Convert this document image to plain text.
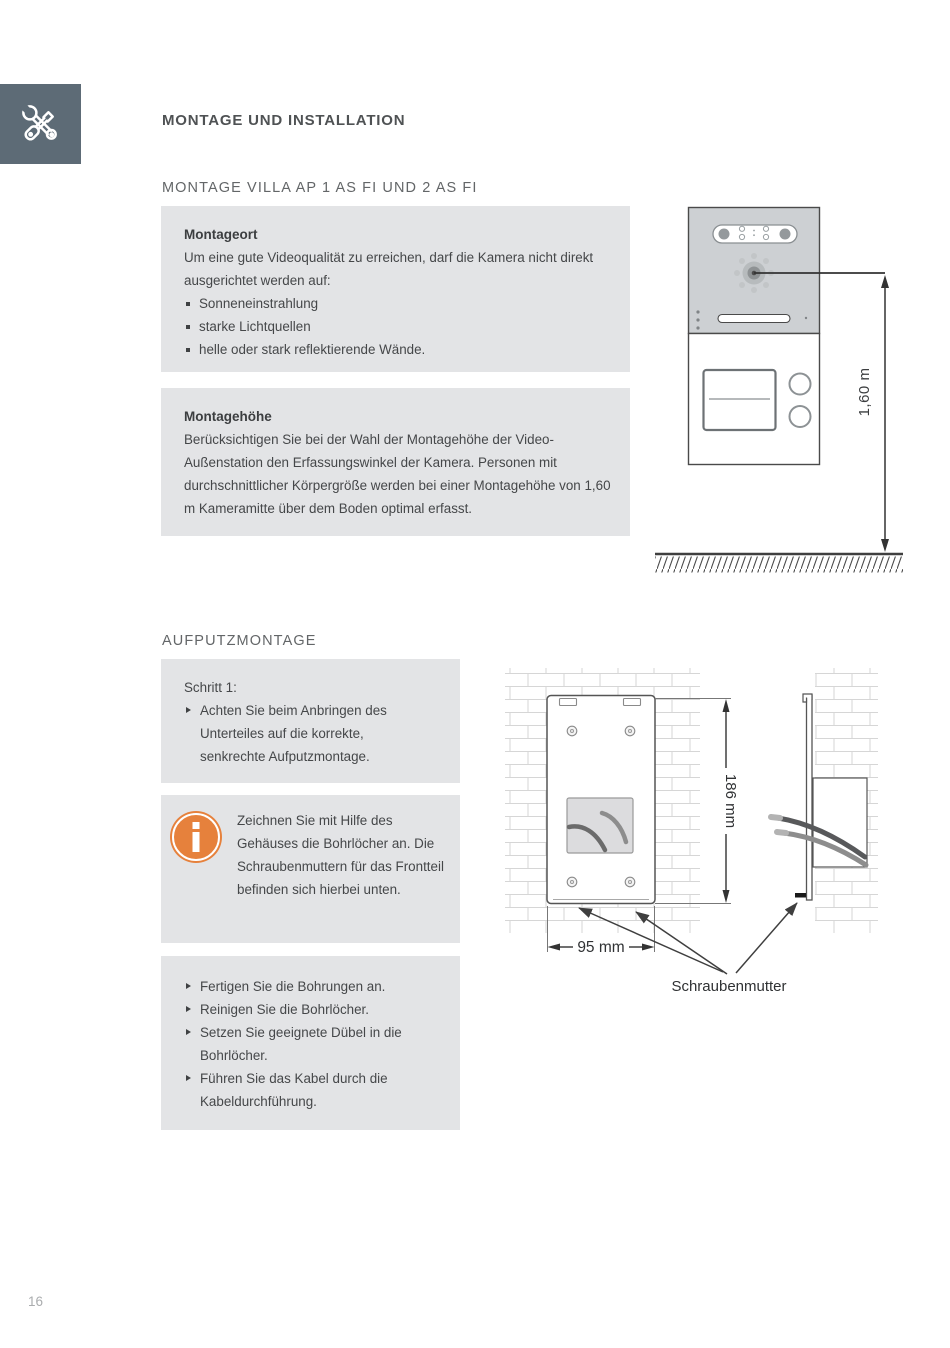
MONTAGE UND INSTALLATION
MONTAGE VILLA AP 1 AS FI UND 2 AS FI
Montageort
Um eine gute Videoqualität zu erreichen, darf die Kamera nicht direkt ausgerichtet werden auf:
Sonneneinstrahlung
starke Lichtquellen
helle oder stark reflektierende Wände.
Montagehöhe
Berücksichtigen Sie bei der Wahl der Montagehöhe der Video-Außenstation den Erfassungswinkel der Kamera. Personen mit durchschnittlicher Körpergröße werden bei einer Montagehöhe von 1,60 m Kameramitte über dem Boden optimal erfasst.
1,60 m
AUFPUTZMONTAGE
Schritt 1:
Achten Sie beim Anbringen des Unterteiles auf die korrekte, senkrechte Aufputzmontage.
Zeichnen Sie mit Hilfe des Gehäuses die Bohrlöcher an. Die Schraubenmuttern für das Frontteil befinden sich hierbei unten.
Fertigen Sie die Bohrungen an.
Reinigen Sie die Bohrlöcher.
Setzen Sie geeignete Dübel in die Bohrlöcher.
Führen Sie das Kabel durch die Kabeldurchführung.
186 mm
95 mm
Schraubenmutter
16
